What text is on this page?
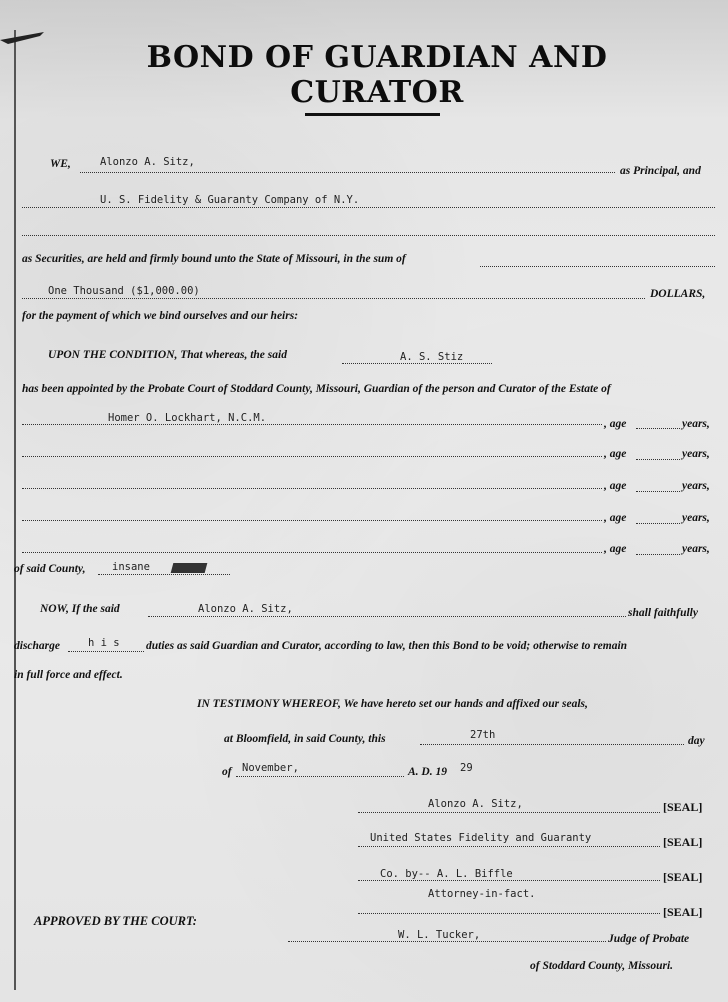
BOND OF GUARDIAN AND CURATOR
WE,	Alonzo A. Sitz,
as Principal, and
U. S. Fidelity & Guaranty Company of N.Y.
as Securities, are held and firmly bound unto the State of Missouri, in the sum of
One Thousand ($1,000.00)	DOLLARS,
for the payment of which we bind ourselves and our heirs:
UPON THE CONDITION, That whereas, the said	A. S. Stiz
has been appointed by the Probate Court of Stoddard County, Missouri, Guardian of the person and Curator of the Estate of
Homer O. Lockhart, N.C.M.	, age	years,
, age	years,
, age	years,
, age	years,
, age	years,
of said County,	insane
NOW, If the said	Alonzo A. Sitz,	shall faithfully
discharge	h i s duties as said Guardian and Curator, according to law, then this Bond to be void; otherwise to remain
in full force and effect.
IN TESTIMONY WHEREOF, We have hereto set our hands and affixed our seals,
at Bloomfield, in said County, this	27th	day
of November,	A. D. 19 29
Alonzo A. Sitz,	[SEAL]
United States Fidelity and Guaranty	[SEAL]
Co. by-- A. L. Biffle	[SEAL]
Attorney-in-fact.
[SEAL]
APPROVED BY THE COURT:
W. L. Tucker,	Judge of Probate
of Stoddard County, Missouri.
